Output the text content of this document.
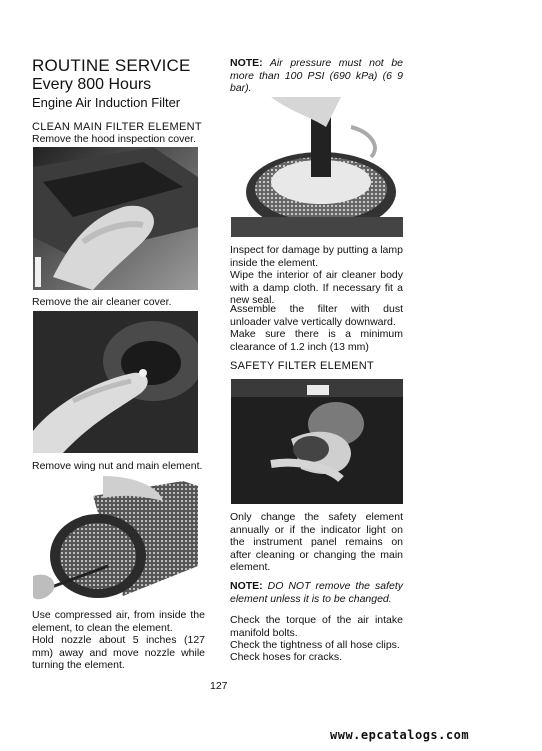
ROUTINE SERVICE
Every 800 Hours
Engine Air Induction Filter
CLEAN MAIN FILTER ELEMENT
Remove the hood inspection cover.
Remove the air cleaner cover.
Remove wing nut and main element.
Use compressed air, from inside the element, to clean the element.
Hold nozzle about 5 inches (127 mm) away and move nozzle while turning the element.
NOTE: Air pressure must not be more than 100 PSI (690 kPa) (6 9 bar).
Inspect for damage by putting a lamp inside the element.
Wipe the interior of air cleaner body with a damp cloth. If necessary fit a new seal.
Assemble the filter with dust unloader valve vertically downward.
Make sure there is a minimum clearance of 1.2 inch (13 mm)
SAFETY FILTER ELEMENT
Only change the safety element annually or if the indicator light on the instrument panel remains on after cleaning or changing the main element.
NOTE: DO NOT remove the safety element unless it is to be changed.
Check the torque of the air intake manifold bolts.
Check the tightness of all hose clips.
Check hoses for cracks.
127
www.epcatalogs.com
